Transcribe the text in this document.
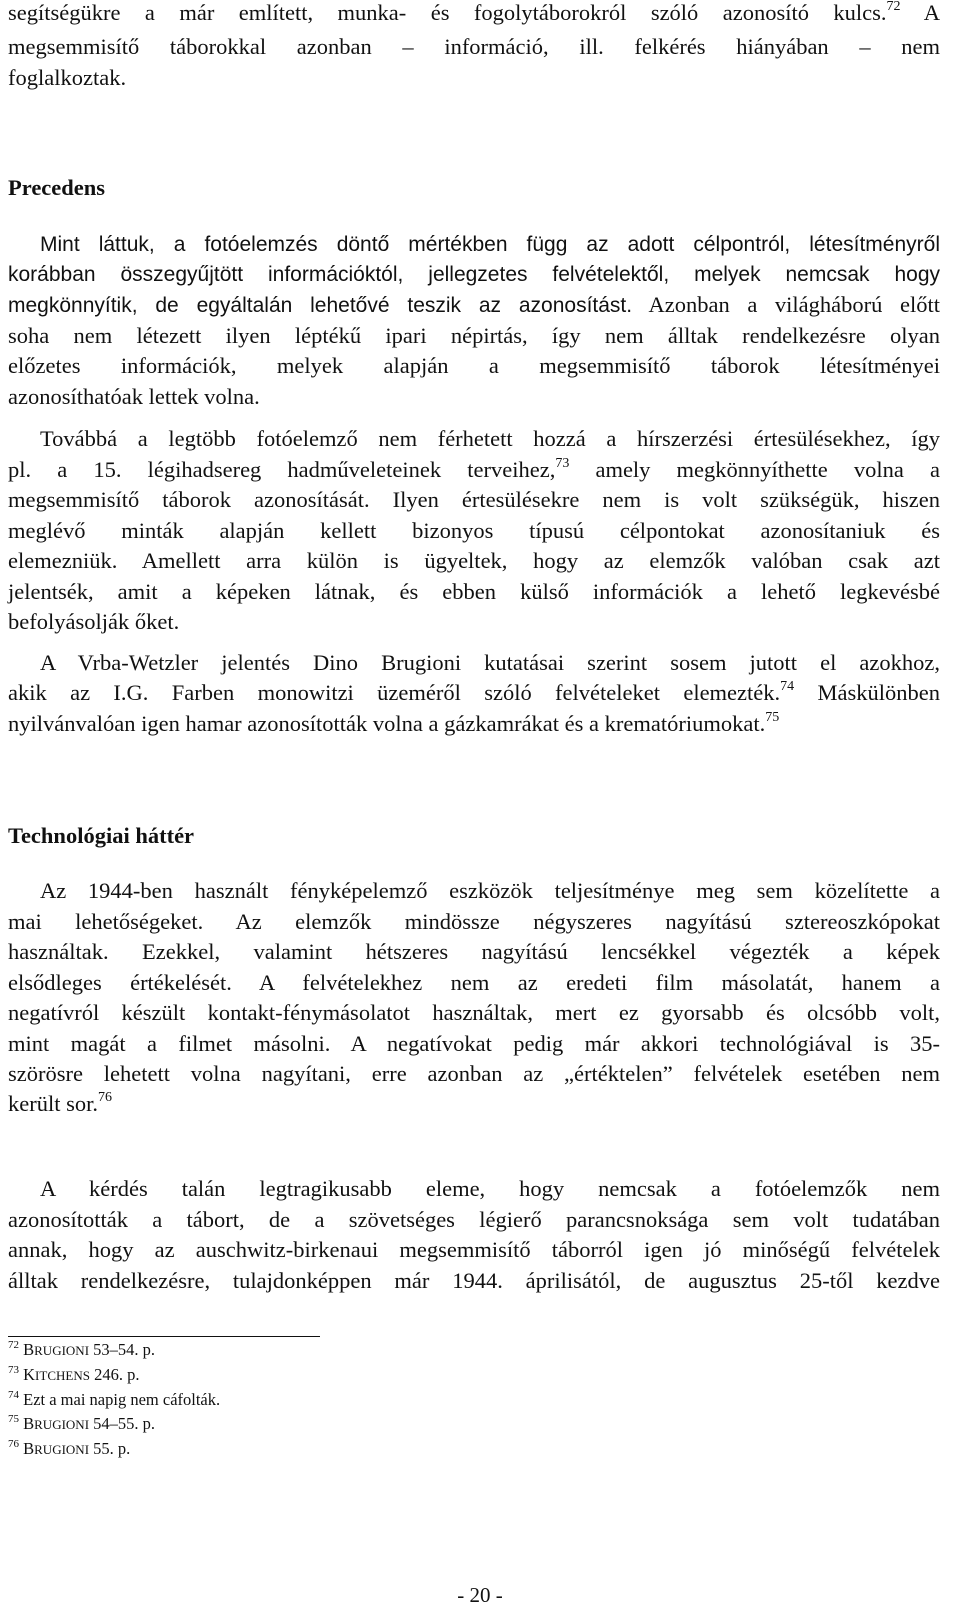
segítségükre a már említett, munka- és fogolytáborokról szóló azonosító kulcs.$^{72}$ A
megsemmisítő táborokkal azonban – információ, ill. felkérés hiányában – nem
foglalkoztak.
Precedens
Mint láttuk, a fotóelemzés döntő mértékben függ az adott célpontról, létesítményről
korábban összegyűjtött információktól, jellegzetes felvételektől, melyek nemcsak hogy
megkönnyítik, de egyáltalán lehetővé teszik az azonosítást. Azonban a világháború előtt
soha nem létezett ilyen léptékű ipari népirtás, így nem álltak rendelkezésre olyan
előzetes információk, melyek alapján a megsemmisítő táborok létesítményei
azonosíthatóak lettek volna.
Továbbá a legtöbb fotóelemző nem férhetett hozzá a hírszerzési értesülésekhez, így
pl. a 15. légihadsereg hadműveleteinek terveihez,$^{73}$ amely megkönnyíthette volna a
megsemmisítő táborok azonosítását. Ilyen értesülésekre nem is volt szükségük, hiszen
meglévő minták alapján kellett bizonyos típusú célpontokat azonosítaniuk és
elemezniük. Amellett arra külön is ügyeltek, hogy az elemzők valóban csak azt
jelentsék, amit a képeken látnak, és ebben külső információk a lehető legkevésbé
befolyásolják őket.
A Vrba-Wetzler jelentés Dino Brugioni kutatásai szerint sosem jutott el azokhoz,
akik az I.G. Farben monowitzi üzeméről szóló felvételeket elemezték.$^{74}$ Máskülönben
nyilvánvalóan igen hamar azonosították volna a gázkamrákat és a krematóriumokat.$^{75}$
Technológiai háttér
Az 1944-ben használt fényképelemző eszközök teljesítménye meg sem közelítette a
mai lehetőségeket. Az elemzők mindössze négyszeres nagyítású sztereoszkópokat
használtak. Ezekkel, valamint hétszeres nagyítású lencsékkel végezték a képek
elsődleges értékelését. A felvételekhez nem az eredeti film másolatát, hanem a
negatívról készült kontakt-fénymásolatot használtak, mert ez gyorsabb és olcsóbb volt,
mint magát a filmet másolni. A negatívokat pedig már akkori technológiával is 35-
szörösre lehetett volna nagyítani, erre azonban az „értéktelen” felvételek esetében nem
került sor.$^{76}$
A kérdés talán legtragikusabb eleme, hogy nemcsak a fotóelemzők nem
azonosították a tábort, de a szövetséges légierő parancsnoksága sem volt tudatában
annak, hogy az auschwitz-birkenaui megsemmisítő táborról igen jó minőségű felvételek
álltak rendelkezésre, tulajdonképpen már 1944. áprilisától, de augusztus 25-től kezdve
$^{72}$ BRUGIONI 53–54. p.
$^{73}$ KITCHENS 246. p.
$^{74}$ Ezt a mai napig nem cáfolták.
$^{75}$ BRUGIONI 54–55. p.
$^{76}$ BRUGIONI 55. p.
- 20 -
